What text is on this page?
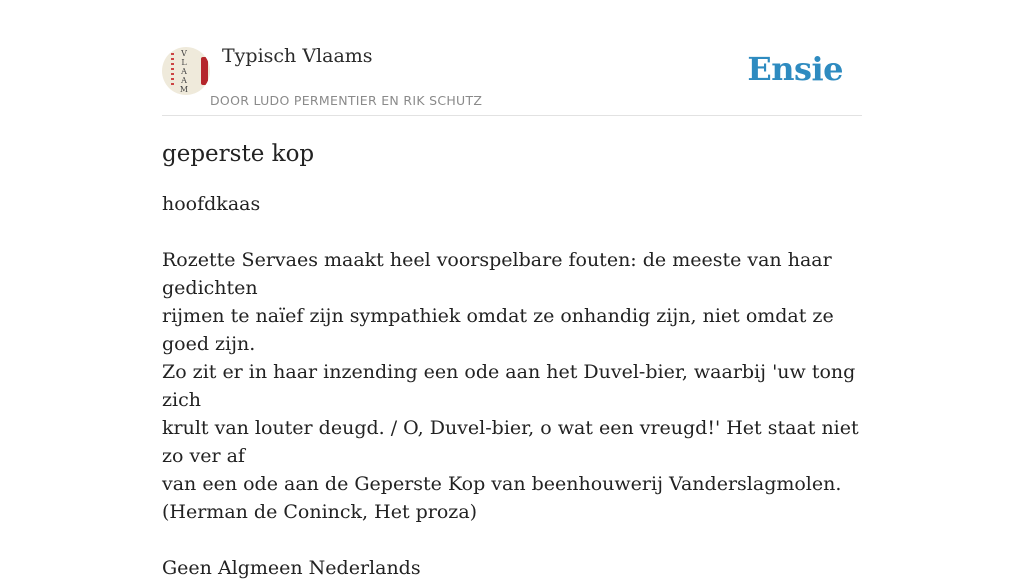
V
L
A
A
M
Typisch Vlaams
DOOR LUDO PERMENTIER EN RIK SCHUTZ
Ensie
geperste kop

hoofdkaas

Rozette Servaes maakt heel voorspelbare fouten: de meeste van haar gedichten
rijmen te naïef zijn sympathiek omdat ze onhandig zijn, niet omdat ze goed zijn.
Zo zit er in haar inzending een ode aan het Duvel-bier, waarbij 'uw tong zich
krult van louter deugd. / O, Duvel-bier, o wat een vreugd!' Het staat niet zo ver af
van een ode aan de Geperste Kop van beenhouwerij Vanderslagmolen.
(Herman de Coninck, Het proza)

Geen Algmeen Nederlands
